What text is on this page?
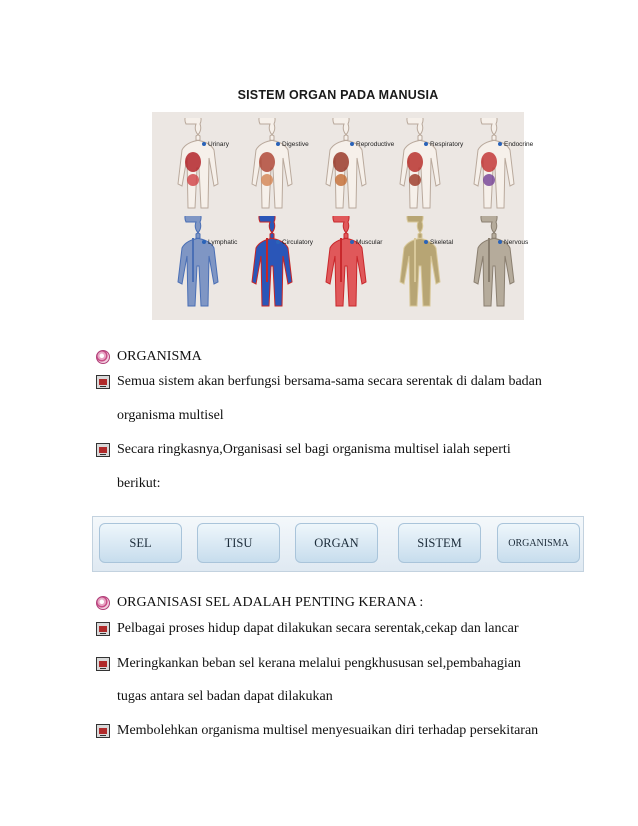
SISTEM ORGAN PADA MANUSIA
Urinary	Digestive	Reproductive	Respiratory	Endocrine
Lymphatic	Circulatory	Muscular	Skeletal	Nervous
ORGANISMA
Semua sistem akan berfungsi bersama-sama secara serentak di dalam badan
organisma multisel
Secara ringkasnya,Organisasi sel bagi organisma multisel ialah seperti
berikut:
SEL	TISU	ORGAN	SISTEM	ORGANISMA
ORGANISASI SEL ADALAH PENTING KERANA :
Pelbagai proses hidup dapat dilakukan secara serentak,cekap dan lancar
Meringkankan beban sel kerana melalui pengkhususan sel,pembahagian
tugas antara sel badan dapat dilakukan
Membolehkan organisma multisel menyesuaikan diri terhadap persekitaran
